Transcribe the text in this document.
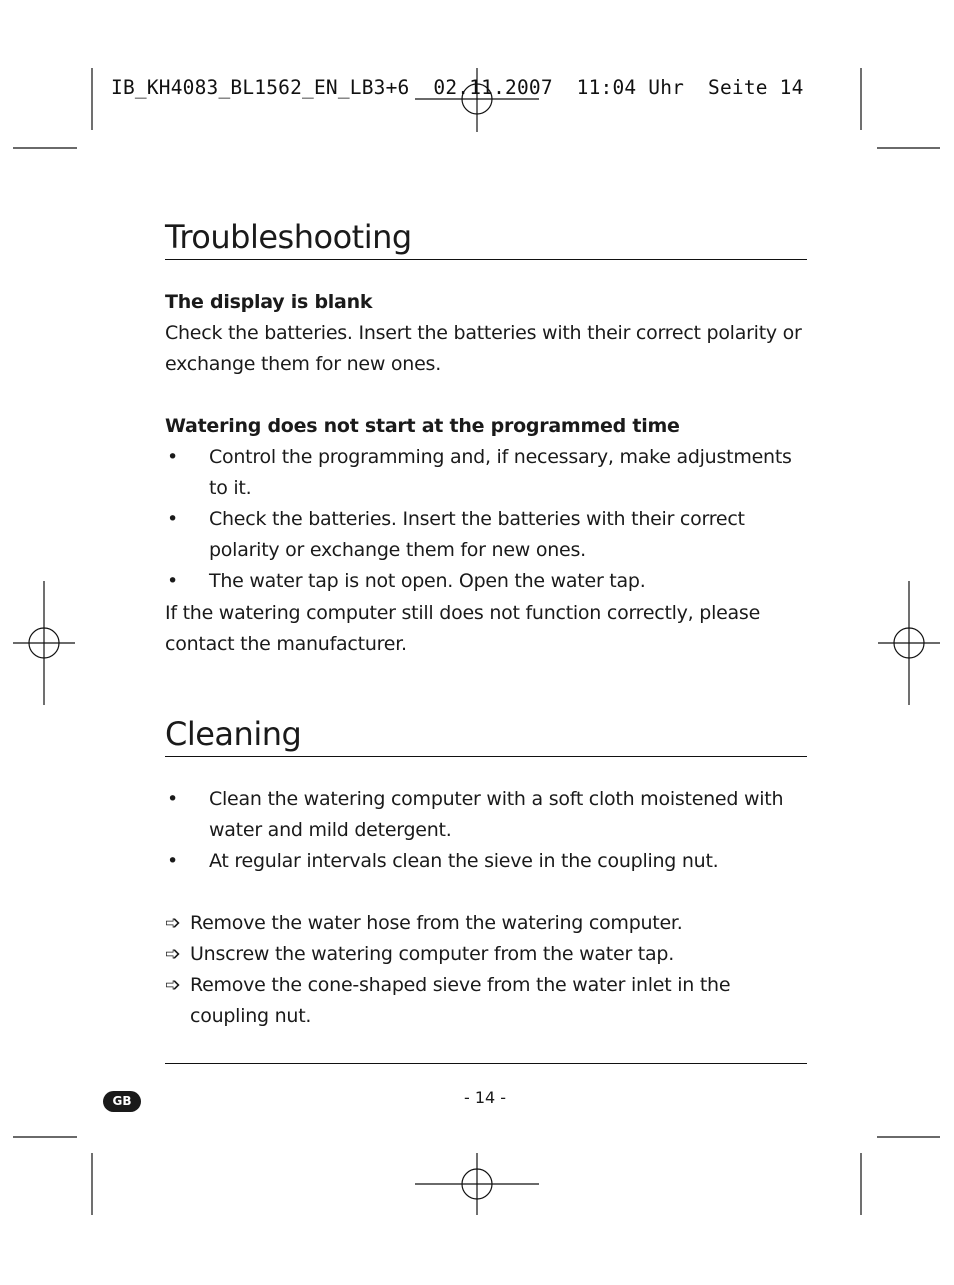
IB_KH4083_BL1562_EN_LB3+6  02.11.2007  11:04 Uhr  Seite 14
Troubleshooting
The display is blank
Check the batteries. Insert the batteries with their correct polarity or exchange them for new ones.
Watering does not start at the programmed time
• Control the programming and, if necessary, make adjustments to it.
• Check the batteries. Insert the batteries with their correct polarity or exchange them for new ones.
• The water tap is not open. Open the water tap.
If the watering computer still does not function correctly, please contact the manufacturer.
Cleaning
• Clean the watering computer with a soft cloth moistened with water and mild detergent.
• At regular intervals clean the sieve in the coupling nut.
➩ Remove the water hose from the watering computer.
➩ Unscrew the watering computer from the water tap.
➩ Remove the cone-shaped sieve from the water inlet in the coupling nut.
GB	- 14 -
